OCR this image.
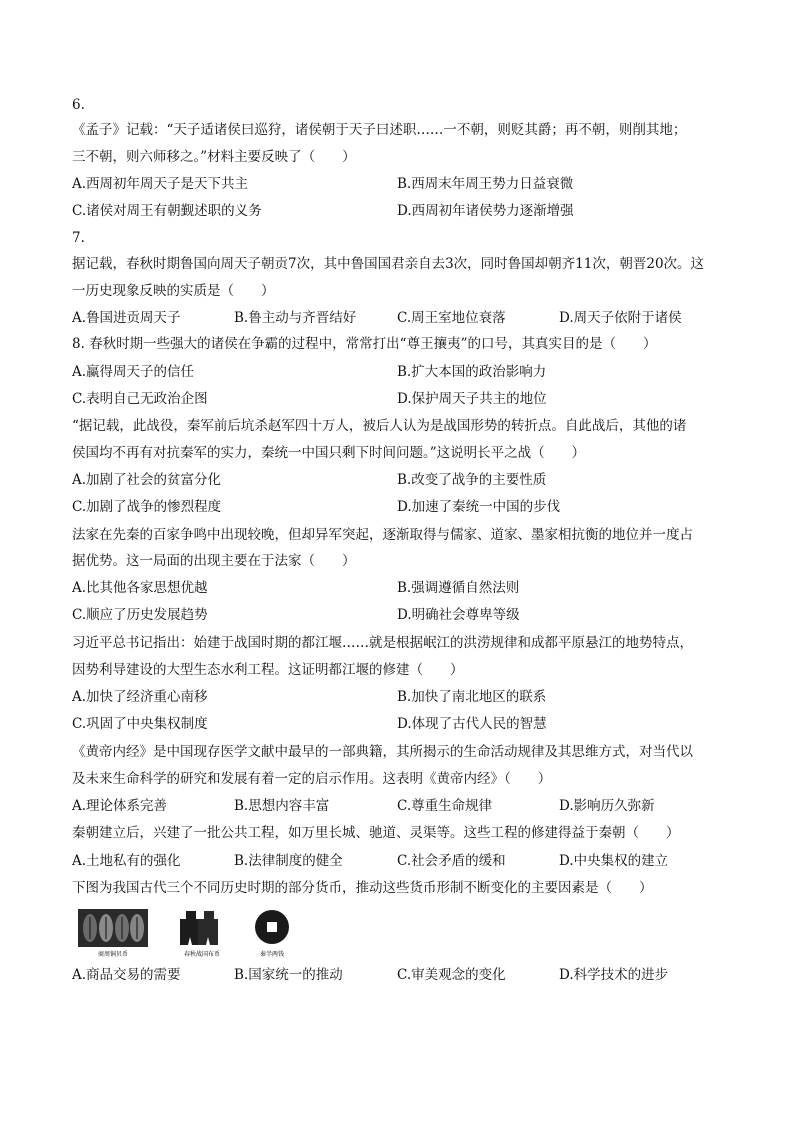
6.
《孟子》记载：“天子适诸侯曰巡狩，诸侯朝于天子曰述职……一不朝，则贬其爵；再不朝，则削其地；
三不朝，则六师移之。”材料主要反映了（　　）
A.西周初年周天子是天下共主	B.西周末年周王势力日益衰微
C.诸侯对周王有朝觐述职的义务	D.西周初年诸侯势力逐渐增强
7.
据记载，春秋时期鲁国向周天子朝贡7次，其中鲁国国君亲自去3次，同时鲁国却朝齐11次，朝晋20次。这
一历史现象反映的实质是（　　）
A.鲁国进贡周天子	B.鲁主动与齐晋结好	C.周王室地位衰落	D.周天子依附于诸侯
8. 春秋时期一些强大的诸侯在争霸的过程中，常常打出“尊王攘夷”的口号，其真实目的是（　　）
A.赢得周天子的信任	B.扩大本国的政治影响力
C.表明自己无政治企图	D.保护周天子共主的地位
“据记载，此战役，秦军前后坑杀赵军四十万人，被后人认为是战国形势的转折点。自此战后，其他的诸
侯国均不再有对抗秦军的实力，秦统一中国只剩下时间问题。”这说明长平之战（　　）
A.加剧了社会的贫富分化	B.改变了战争的主要性质
C.加剧了战争的惨烈程度	D.加速了秦统一中国的步伐
法家在先秦的百家争鸣中出现较晚，但却异军突起，逐渐取得与儒家、道家、墨家相抗衡的地位并一度占
据优势。这一局面的出现主要在于法家（　　）
A.比其他各家思想优越	B.强调遵循自然法则
C.顺应了历史发展趋势	D.明确社会尊卑等级
习近平总书记指出：始建于战国时期的都江堰……就是根据岷江的洪涝规律和成都平原悬江的地势特点，
因势利导建设的大型生态水利工程。这证明都江堰的修建（　　）
A.加快了经济重心南移	B.加快了南北地区的联系
C.巩固了中央集权制度	D.体现了古代人民的智慧
《黄帝内经》是中国现存医学文献中最早的一部典籍，其所揭示的生命活动规律及其思维方式，对当代以
及未来生命科学的研究和发展有着一定的启示作用。这表明《黄帝内经》（　　）
A.理论体系完善	B.思想内容丰富	C.尊重生命规律	D.影响历久弥新
秦朝建立后，兴建了一批公共工程，如万里长城、驰道、灵渠等。这些工程的修建得益于秦朝（　　）
A.土地私有的强化	B.法律制度的健全	C.社会矛盾的缓和	D.中央集权的建立
下图为我国古代三个不同历史时期的部分货币，推动这些货币形制不断变化的主要因素是（　　）
商周铜贝币	春秋战国布币	秦半两钱
A.商品交易的需要	B.国家统一的推动	C.审美观念的变化	D.科学技术的进步
